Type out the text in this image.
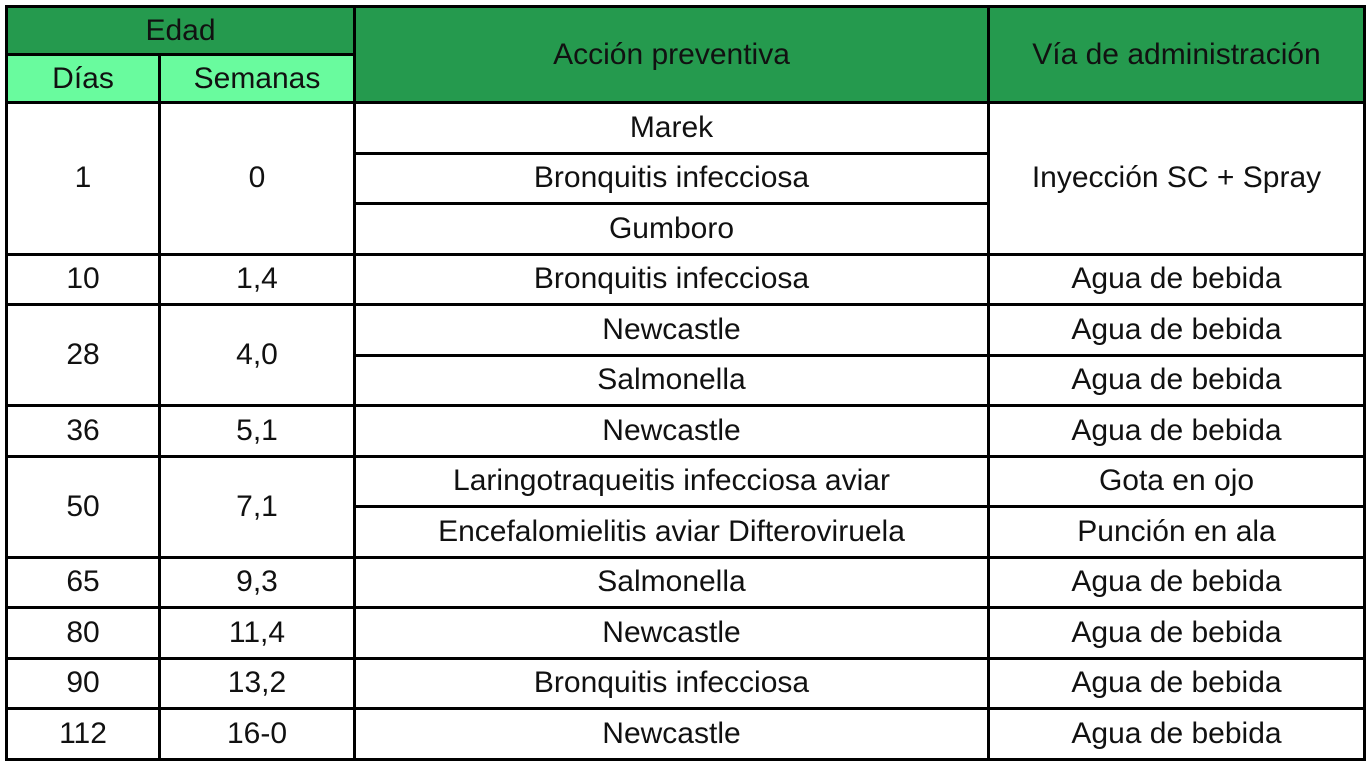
Edad		Acción preventiva	Vía de administración
Días	Semanas		
1	0	Marek	Inyección SC + Spray
		Bronquitis infecciosa	
		Gumboro	
10	1,4	Bronquitis infecciosa	Agua de bebida
28	4,0	Newcastle	Agua de bebida
		Salmonella	Agua de bebida
36	5,1	Newcastle	Agua de bebida
50	7,1	Laringotraqueitis infecciosa aviar	Gota en ojo
		Encefalomielitis aviar Difteroviruela	Punción en ala
65	9,3	Salmonella	Agua de bebida
80	11,4	Newcastle	Agua de bebida
90	13,2	Bronquitis infecciosa	Agua de bebida
112	16-0	Newcastle	Agua de bebida
